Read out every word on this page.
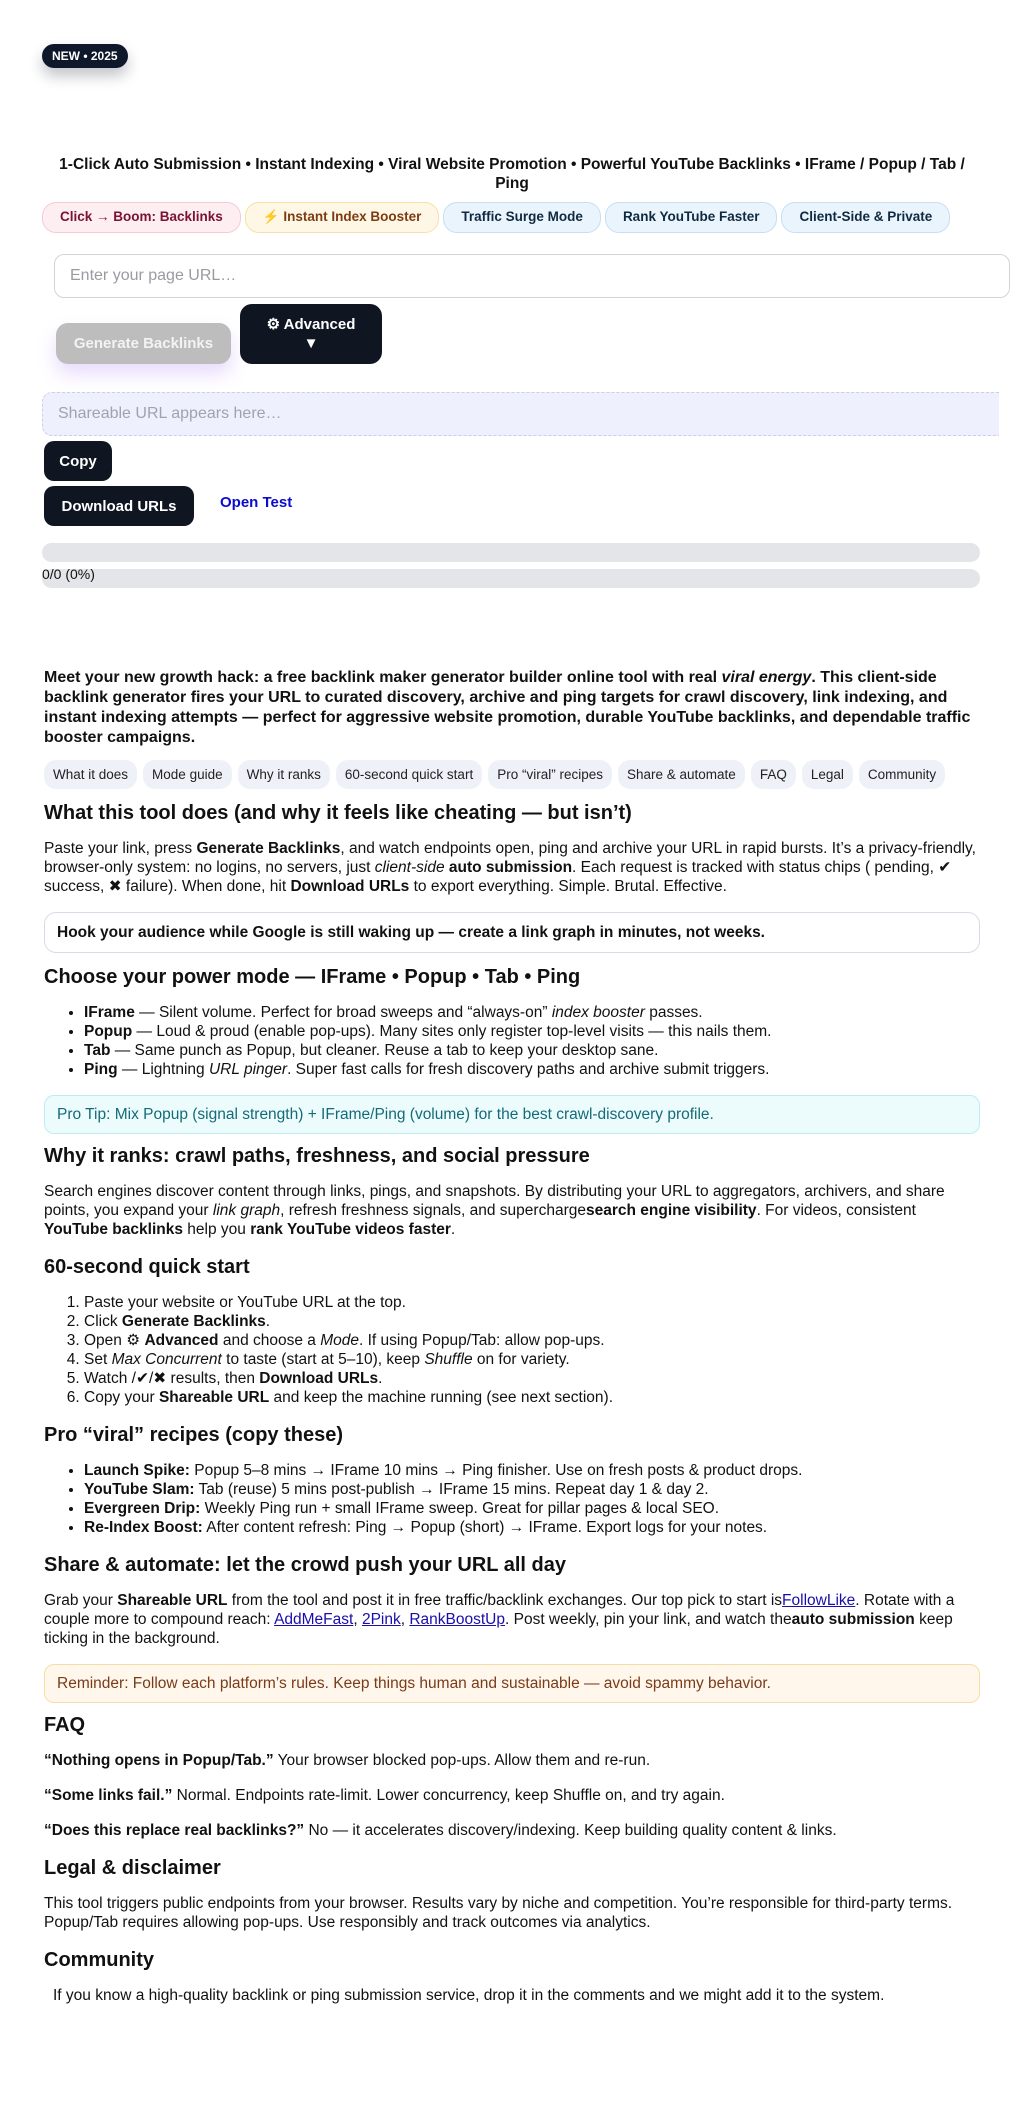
NEW • 2025
1-Click Auto Submission • Instant Indexing • Viral Website Promotion • Powerful YouTube Backlinks • IFrame / Popup / Tab / Ping
Click → Boom: Backlinks	⚡ Instant Index Booster	Traffic Surge Mode	Rank YouTube Faster	Client-Side & Private
Enter your page URL…
Generate Backlinks
⚙ Advanced
▼
Shareable URL appears here…
Copy
Download URLs	Open Test
0/0 (0%)

Meet your new growth hack: a free backlink maker generator builder online tool with real viral energy. This client-side backlink generator fires your URL to curated discovery, archive and ping targets for crawl discovery, link indexing, and instant indexing attempts — perfect for aggressive website promotion, durable YouTube backlinks, and dependable traffic booster campaigns.

What it does	Mode guide	Why it ranks	60-second quick start	Pro “viral” recipes	Share & automate	FAQ	Legal	Community
What this tool does (and why it feels like cheating — but isn’t)

Paste your link, press Generate Backlinks, and watch endpoints open, ping and archive your URL in rapid bursts. It’s a privacy-friendly, browser-only system: no logins, no servers, just client-side auto submission. Each request is tracked with status chips ( pending, ✔ success, ✖ failure). When done, hit Download URLs to export everything. Simple. Brutal. Effective.

Hook your audience while Google is still waking up — create a link graph in minutes, not weeks.
Choose your power mode — IFrame • Popup • Tab • Ping
• IFrame — Silent volume. Perfect for broad sweeps and “always-on” index booster passes.
• Popup — Loud & proud (enable pop-ups). Many sites only register top-level visits — this nails them.
• Tab — Same punch as Popup, but cleaner. Reuse a tab to keep your desktop sane.
• Ping — Lightning URL pinger. Super fast calls for fresh discovery paths and archive submit triggers.
Pro Tip: Mix Popup (signal strength) + IFrame/Ping (volume) for the best crawl-discovery profile.
Why it ranks: crawl paths, freshness, and social pressure

Search engines discover content through links, pings, and snapshots. By distributing your URL to aggregators, archivers, and share points, you expand your link graph, refresh freshness signals, and superchargesearch engine visibility. For videos, consistent YouTube backlinks help you rank YouTube videos faster.

60-second quick start
1. Paste your website or YouTube URL at the top.
2. Click Generate Backlinks.
3. Open ⚙ Advanced and choose a Mode. If using Popup/Tab: allow pop-ups.
4. Set Max Concurrent to taste (start at 5–10), keep Shuffle on for variety.
5. Watch /✔/✖ results, then Download URLs.
6. Copy your Shareable URL and keep the machine running (see next section).
Pro “viral” recipes (copy these)
• Launch Spike: Popup 5–8 mins → IFrame 10 mins → Ping finisher. Use on fresh posts & product drops.
• YouTube Slam: Tab (reuse) 5 mins post-publish → IFrame 15 mins. Repeat day 1 & day 2.
• Evergreen Drip: Weekly Ping run + small IFrame sweep. Great for pillar pages & local SEO.
• Re-Index Boost: After content refresh: Ping → Popup (short) → IFrame. Export logs for your notes.
Share & automate: let the crowd push your URL all day

Grab your Shareable URL from the tool and post it in free traffic/backlink exchanges. Our top pick to start isFollowLike. Rotate with a couple more to compound reach: AddMeFast, 2Pink, RankBoostUp. Post weekly, pin your link, and watch theauto submission keep ticking in the background.

Reminder: Follow each platform’s rules. Keep things human and sustainable — avoid spammy behavior.
FAQ

“Nothing opens in Popup/Tab.” Your browser blocked pop-ups. Allow them and re-run.

“Some links fail.” Normal. Endpoints rate-limit. Lower concurrency, keep Shuffle on, and try again.

“Does this replace real backlinks?” No — it accelerates discovery/indexing. Keep building quality content & links.

Legal & disclaimer

This tool triggers public endpoints from your browser. Results vary by niche and competition. You’re responsible for third-party terms. Popup/Tab requires allowing pop-ups. Use responsibly and track outcomes via analytics.

Community

If you know a high-quality backlink or ping submission service, drop it in the comments and we might add it to the system.
